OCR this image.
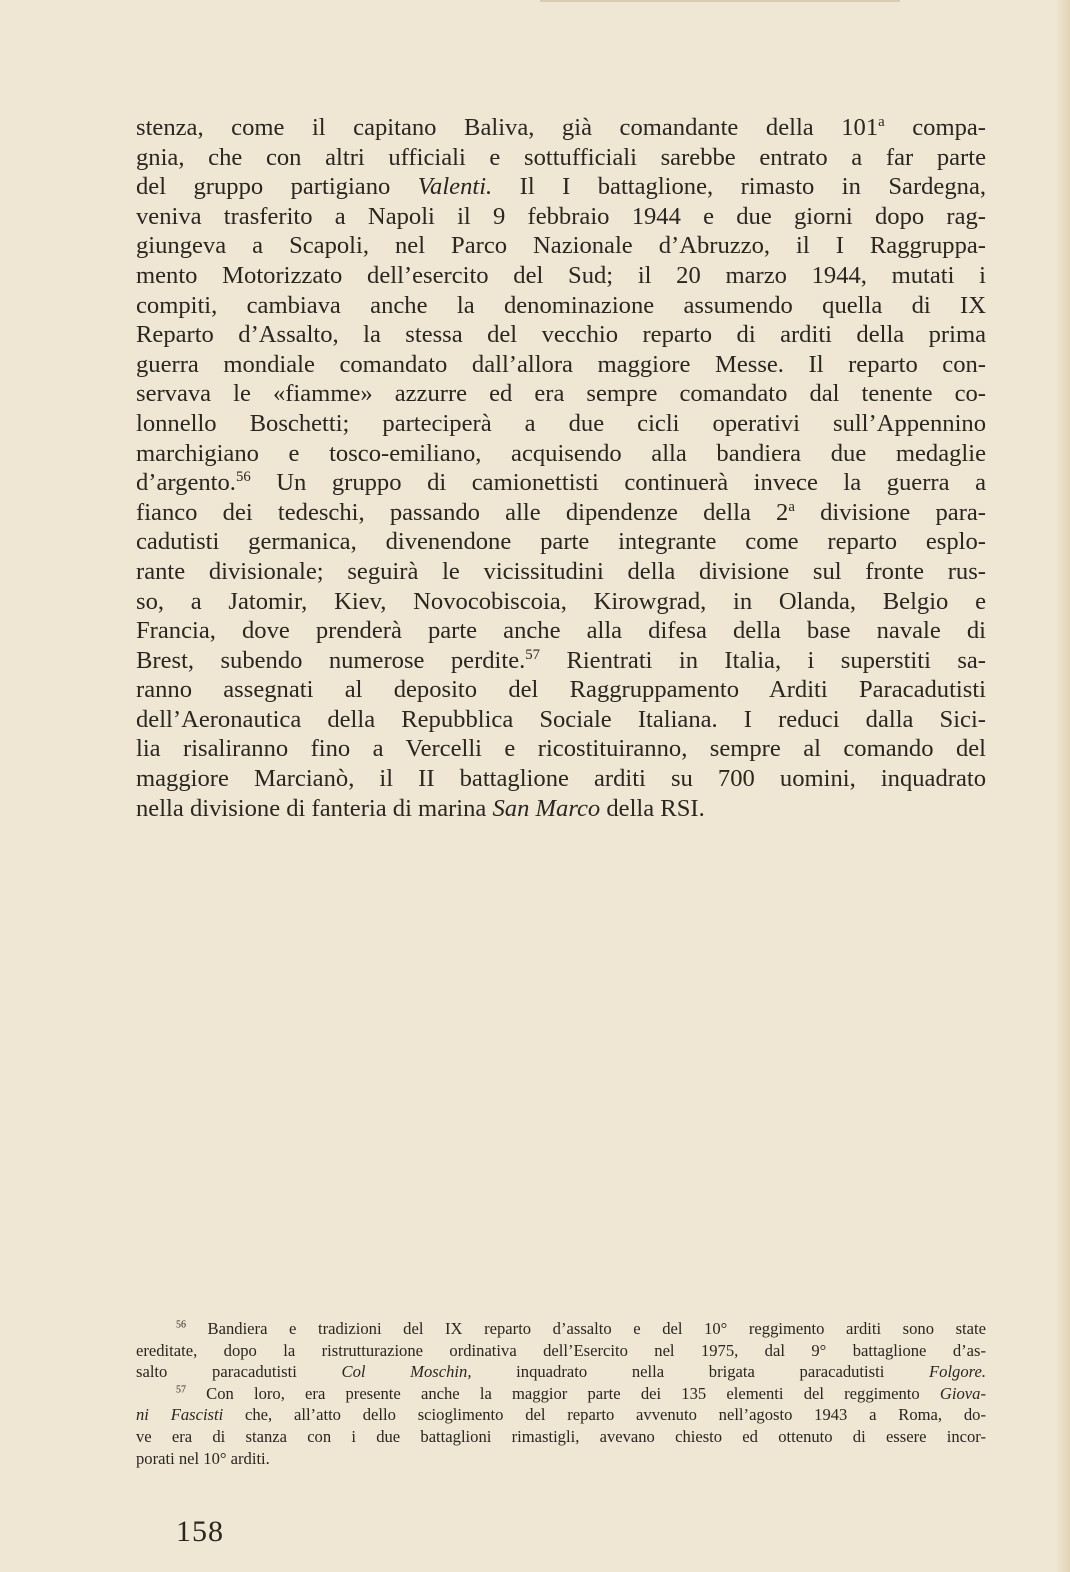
stenza, come il capitano Baliva, già comandante della 101$^a$ compa-
gnia, che con altri ufficiali e sottufficiali sarebbe entrato a far parte
del gruppo partigiano Valenti. Il I battaglione, rimasto in Sardegna,
veniva trasferito a Napoli il 9 febbraio 1944 e due giorni dopo rag-
giungeva a Scapoli, nel Parco Nazionale d’Abruzzo, il I Raggruppa-
mento Motorizzato dell’esercito del Sud; il 20 marzo 1944, mutati i
compiti, cambiava anche la denominazione assumendo quella di IX
Reparto d’Assalto, la stessa del vecchio reparto di arditi della prima
guerra mondiale comandato dall’allora maggiore Messe. Il reparto con-
servava le «fiamme» azzurre ed era sempre comandato dal tenente co-
lonnello Boschetti; parteciperà a due cicli operativi sull’Appennino
marchigiano e tosco-emiliano, acquisendo alla bandiera due medaglie
d’argento.$^{56}$ Un gruppo di camionettisti continuerà invece la guerra a
fianco dei tedeschi, passando alle dipendenze della 2$^a$ divisione para-
cadutisti germanica, divenendone parte integrante come reparto esplo-
rante divisionale; seguirà le vicissitudini della divisione sul fronte rus-
so, a Jatomir, Kiev, Novocobiscoia, Kirowgrad, in Olanda, Belgio e
Francia, dove prenderà parte anche alla difesa della base navale di
Brest, subendo numerose perdite.$^{57}$ Rientrati in Italia, i superstiti sa-
ranno assegnati al deposito del Raggruppamento Arditi Paracadutisti
dell’Aeronautica della Repubblica Sociale Italiana. I reduci dalla Sici-
lia risaliranno fino a Vercelli e ricostituiranno, sempre al comando del
maggiore Marcianò, il II battaglione arditi su 700 uomini, inquadrato
nella divisione di fanteria di marina San Marco della RSI.
$^{56}$ Bandiera e tradizioni del IX reparto d’assalto e del 10° reggimento arditi sono state
ereditate, dopo la ristrutturazione ordinativa dell’Esercito nel 1975, dal 9° battaglione d’as-
salto paracadutisti Col Moschin, inquadrato nella brigata paracadutisti Folgore.
$^{57}$ Con loro, era presente anche la maggior parte dei 135 elementi del reggimento Giova-
ni Fascisti che, all’atto dello scioglimento del reparto avvenuto nell’agosto 1943 a Roma, do-
ve era di stanza con i due battaglioni rimastigli, avevano chiesto ed ottenuto di essere incor-
porati nel 10° arditi.
158
